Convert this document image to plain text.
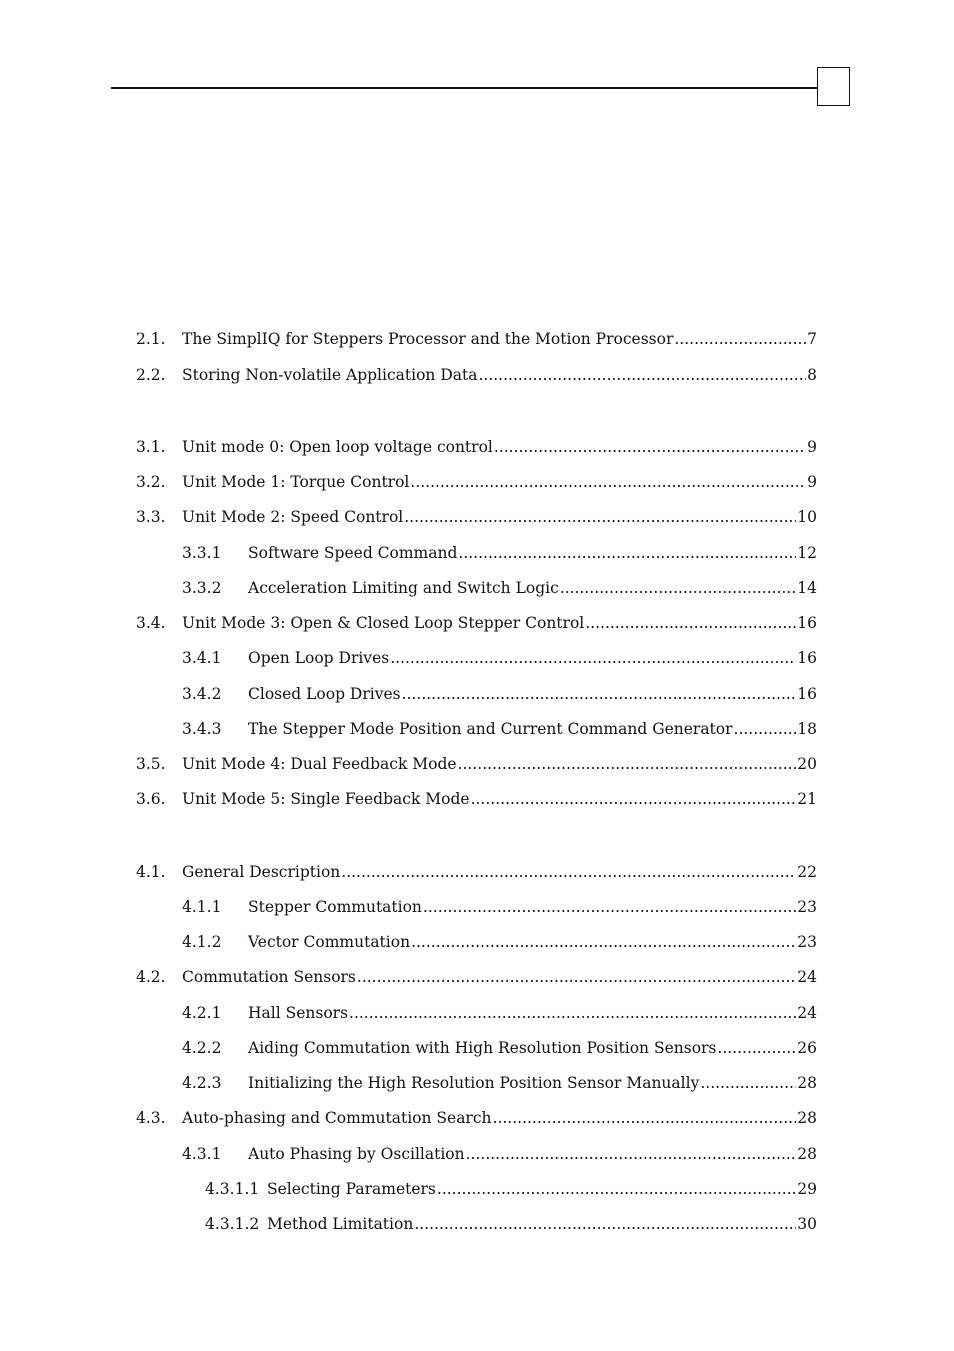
2.1.	The SimplIQ for Steppers Processor and the Motion Processor .....	7
2.2.	Storing Non-volatile Application Data .....	8
3.1.	Unit mode 0: Open loop voltage control .....	9
3.2.	Unit Mode 1: Torque Control .....	9
3.3.	Unit Mode 2: Speed Control .....	10
3.3.1	Software Speed Command .....	12
3.3.2	Acceleration Limiting and Switch Logic .....	14
3.4.	Unit Mode 3: Open & Closed Loop Stepper Control .....	16
3.4.1	Open Loop Drives .....	16
3.4.2	Closed Loop Drives .....	16
3.4.3	The Stepper Mode Position and Current Command Generator .....	18
3.5.	Unit Mode 4: Dual Feedback Mode .....	20
3.6.	Unit Mode 5: Single Feedback Mode .....	21
4.1.	General Description .....	22
4.1.1	Stepper Commutation .....	23
4.1.2	Vector Commutation .....	23
4.2.	Commutation Sensors .....	24
4.2.1	Hall Sensors .....	24
4.2.2	Aiding Commutation with High Resolution Position Sensors .....	26
4.2.3	Initializing the High Resolution Position Sensor Manually .....	28
4.3.	Auto-phasing and Commutation Search .....	28
4.3.1	Auto Phasing by Oscillation .....	28
4.3.1.1 Selecting Parameters .....	29
4.3.1.2 Method Limitation .....	30
